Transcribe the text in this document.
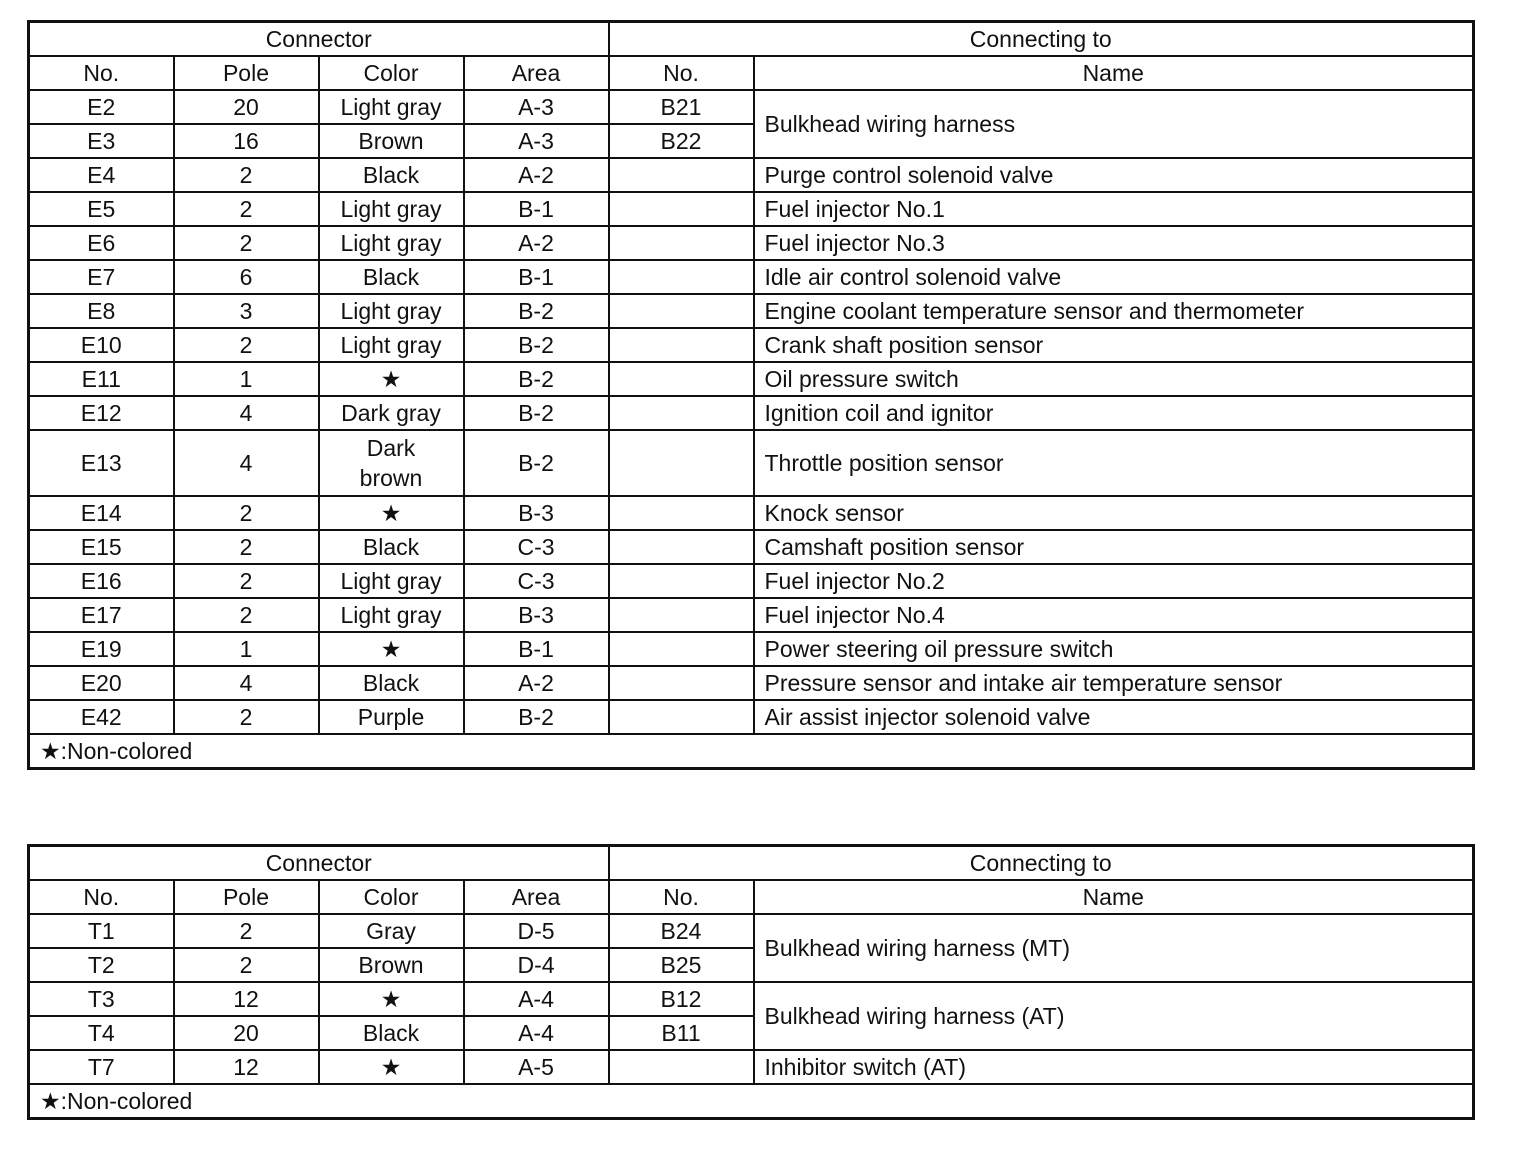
Connector				Connecting to	
No.	Pole	Color	Area	No.	Name
E2	20	Light gray	A-3	B21	Bulkhead wiring harness
E3	16	Brown	A-3	B22	
E4	2	Black	A-2		Purge control solenoid valve
E5	2	Light gray	B-1		Fuel injector No.1
E6	2	Light gray	A-2		Fuel injector No.3
E7	6	Black	B-1		Idle air control solenoid valve
E8	3	Light gray	B-2		Engine coolant temperature sensor and thermometer
E10	2	Light gray	B-2		Crank shaft position sensor
E11	1	★	B-2		Oil pressure switch
E12	4	Dark gray	B-2		Ignition coil and ignitor
E13	4	Dark brown	B-2		Throttle position sensor
E14	2	★	B-3		Knock sensor
E15	2	Black	C-3		Camshaft position sensor
E16	2	Light gray	C-3		Fuel injector No.2
E17	2	Light gray	B-3		Fuel injector No.4
E19	1	★	B-1		Power steering oil pressure switch
E20	4	Black	A-2		Pressure sensor and intake air temperature sensor
E42	2	Purple	B-2		Air assist injector solenoid valve
★:Non-colored					
Connector				Connecting to	
No.	Pole	Color	Area	No.	Name
T1	2	Gray	D-5	B24	Bulkhead wiring harness (MT)
T2	2	Brown	D-4	B25	
T3	12	★	A-4	B12	Bulkhead wiring harness (AT)
T4	20	Black	A-4	B11	
T7	12	★	A-5		Inhibitor switch (AT)
★:Non-colored					
